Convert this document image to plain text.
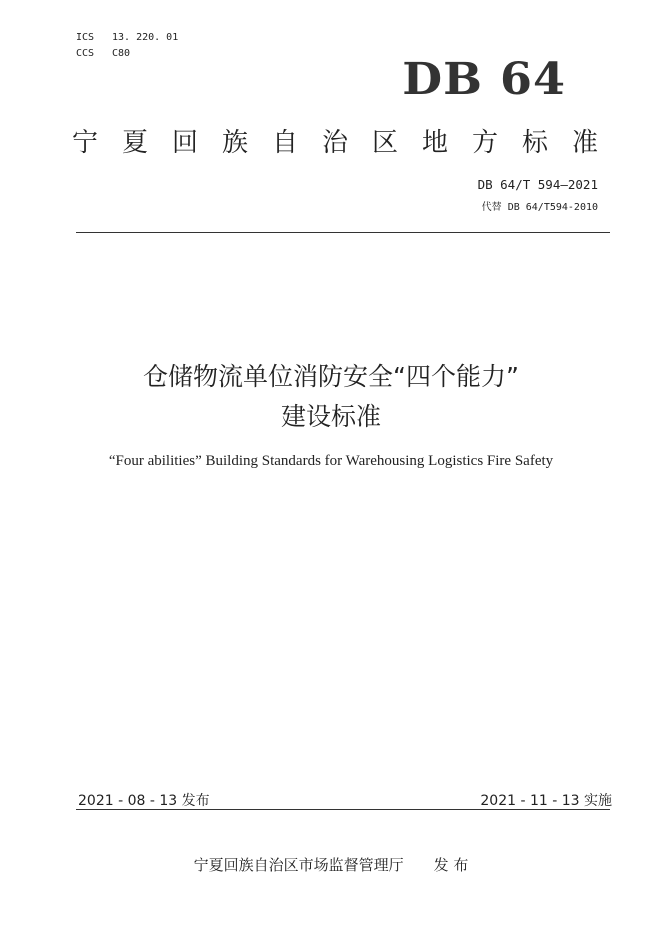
ICS 13. 220. 01
CCS C80	DB 64
宁夏回族自治区地方标准
DB 64/T 594—2021
代替 DB 64/T594-2010
仓储物流单位消防安全“四个能力”
建设标准
“Four abilities” Building Standards for Warehousing Logistics Fire Safety
2021 - 08 - 13 发布	2021 - 11 - 13 实施
宁夏回族自治区市场监督管理厅 发 布
